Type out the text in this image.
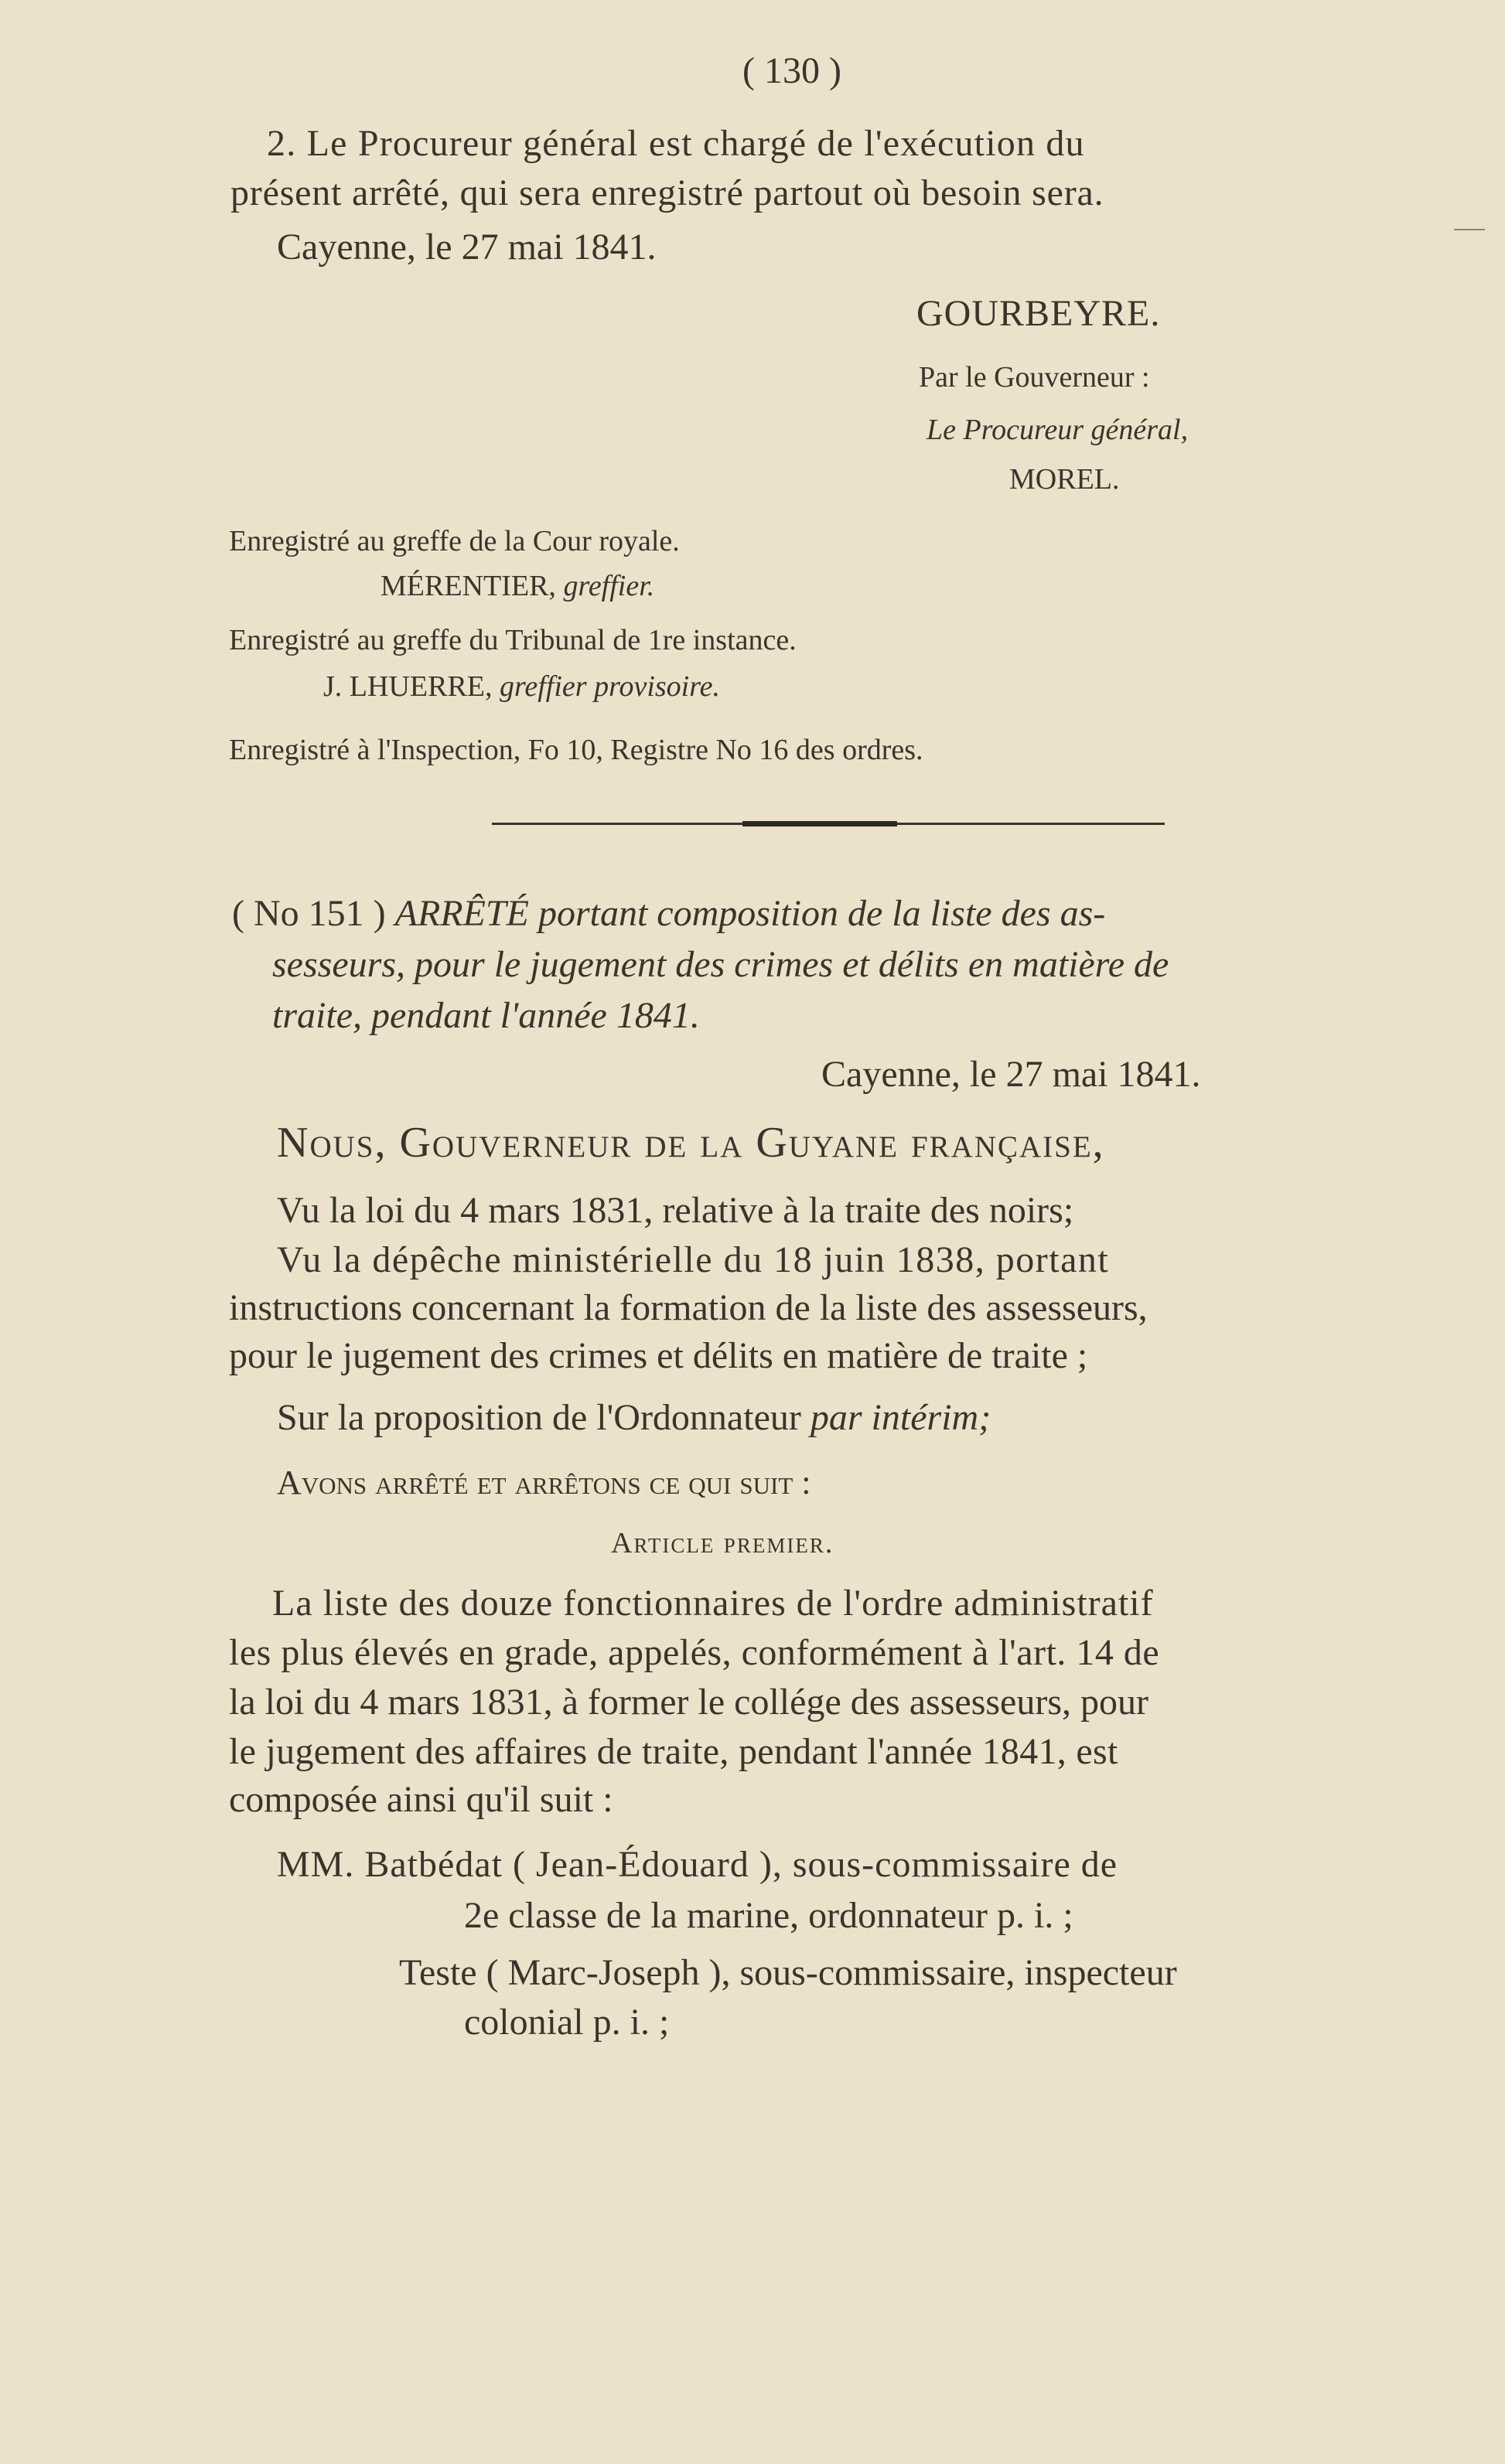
( 130 )
2. Le Procureur général est chargé de l'exécution du
présent arrêté, qui sera enregistré partout où besoin sera.
Cayenne, le 27 mai 1841.
GOURBEYRE.
Par le Gouverneur :
Le Procureur général,
MOREL.
Enregistré au greffe de la Cour royale.
MÉRENTIER, greffier.
Enregistré au greffe du Tribunal de 1re instance.
J. LHUERRE, greffier provisoire.
Enregistré à l'Inspection, Fo 10, Registre No 16 des ordres.
( No 151 ) ARRÊTÉ portant composition de la liste des as-
sesseurs, pour le jugement des crimes et délits en matière de
traite, pendant l'année 1841.
Cayenne, le 27 mai 1841.
Nous, Gouverneur de la Guyane française,
Vu la loi du 4 mars 1831, relative à la traite des noirs;
Vu la dépêche ministérielle du 18 juin 1838, portant
instructions concernant la formation de la liste des assesseurs,
pour le jugement des crimes et délits en matière de traite ;
Sur la proposition de l'Ordonnateur par intérim;
Avons arrêté et arrêtons ce qui suit :
Article premier.
La liste des douze fonctionnaires de l'ordre administratif
les plus élevés en grade, appelés, conformément à l'art. 14 de
la loi du 4 mars 1831, à former le collége des assesseurs, pour
le jugement des affaires de traite, pendant l'année 1841, est
composée ainsi qu'il suit :
MM. Batbédat ( Jean-Édouard ), sous-commissaire de
2e classe de la marine, ordonnateur p. i. ;
Teste ( Marc-Joseph ), sous-commissaire, inspecteur
colonial p. i. ;
